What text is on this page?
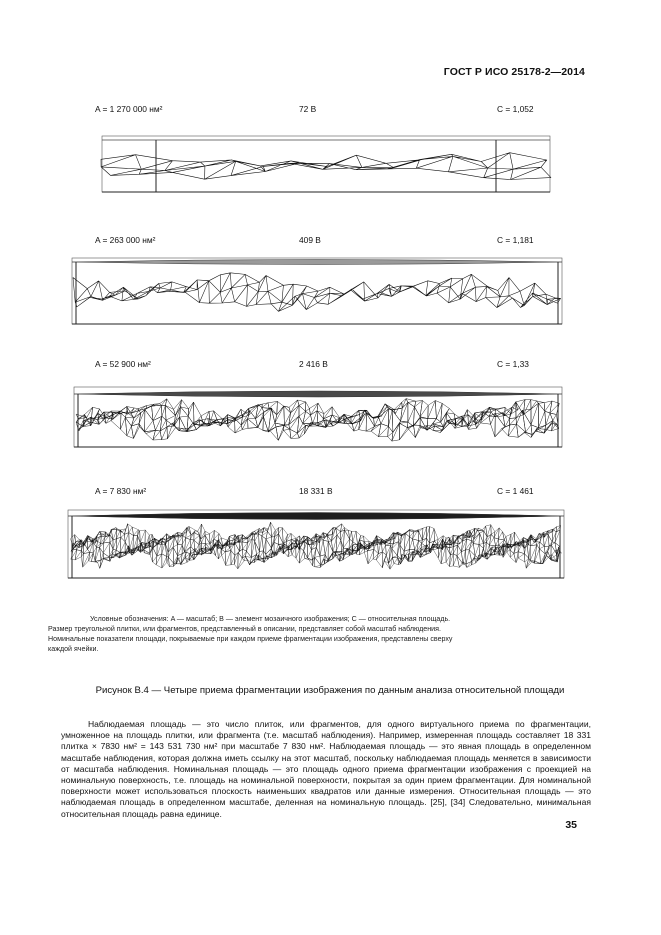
ГОСТ Р ИСО 25178-2—2014
A = 1 270 000 нм²	72 B	C = 1,052
A = 263 000 нм²	409 B	C = 1,181
A = 52 900 нм²	2 416 B	C = 1,33
A = 7 830 нм²	18 331 B	C = 1 461
Условные обозначения: A — масштаб; B — элемент мозаичного изображения; C — относительная площадь.
Размер треугольной плитки, или фрагментов, представленный в описании, представляет собой масштаб наблюдения.
Номинальные показатели площади, покрываемые при каждом приеме фрагментации изображения, представлены сверху
каждой ячейки.
Рисунок В.4 — Четыре приема фрагментации изображения по данным анализа относительной площади

Наблюдаемая площадь — это число плиток, или фрагментов, для одного виртуального приема по фрагментации, умноженное на площадь плитки, или фрагмента (т.е. масштаб наблюдения). Например, измеренная площадь составляет 18 331 плитка × 7830 нм² = 143 531 730 нм² при масштабе 7 830 нм². Наблюдаемая площадь — это явная площадь в определенном масштабе наблюдения, которая должна иметь ссылку на этот масштаб, поскольку наблюдаемая площадь меняется в зависимости от масштаба наблюдения. Номинальная площадь — это площадь одного приема фрагментации изображения с проекцией на номинальную поверхность, т.е. площадь на номинальной поверхности, покрытая за один прием фрагментации. Для номинальной поверхности может использоваться плоскость наименьших квадратов или данные измерения. Относительная площадь — это наблюдаемая площадь в определенном масштабе, деленная на номинальную площадь. [25], [34] Следовательно, минимальная относительная площадь равна единице.

35
